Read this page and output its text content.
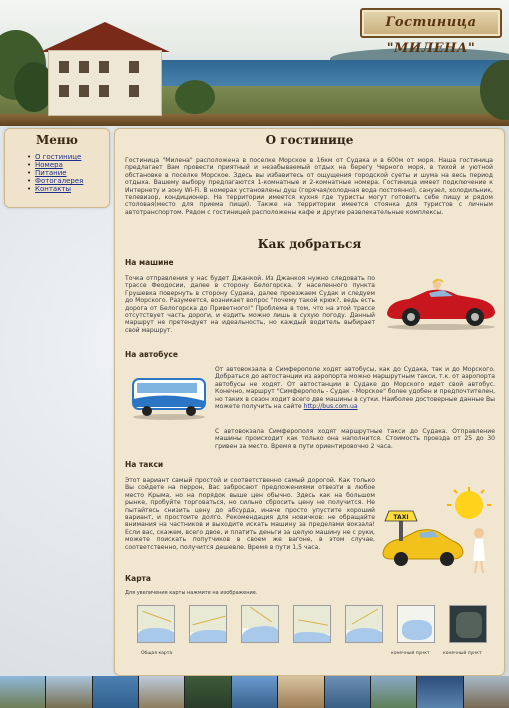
Гостиница "МИЛЕНА"
Меню
• О гостинице
• Номера
• Питание
• Фотогалерея
• Контакты
О гостинице
Гостиница "Милена" расположена в поселке Морское в 16км от Судака и в 600м от моря. Наша гостиница предлагает Вам провести приятный и незабываемый отдых на берегу Черного моря, в тихой и уютной обстановке в поселке Морское. Здесь вы избавитесь от ощущения городской суеты и шума на весь период отдыха. Вашему выбору предлагаются 1-комнатные и 2-комнатные номера. Гостиница имеет подключение к Интернету и зону Wi-Fi. В номерах установлены душ (горячая/холодная вода постоянно), санузел, холодильник, телевизор, кондиционер. На территории имеется кухня где туристы могут готовить себе пищу и рядом столовая(место для приема пищи). Также на территории имеется стоянка для туристов с личным автотранспортом. Рядом с гостиницей расположены кафе и другие развлекательные комплексы.
Как добраться
На машине
Точка отправления у нас будет Джанкой. Из Джанкоя нужно следовать по трассе Феодосии, далее в сторону Белогорска. У населенного пункта Грушевка повернуть в сторону Судака, далее проезжаем Судак и следуем до Морского. Разумеется, возникает вопрос "почему такой крюк?, ведь есть дорога от Белогорска до Приветного!" Проблема в том, что на этой трассе отсутствует часть дороги, и ездить можно лишь в сухую погоду. Данный маршрут не претендует на идеальность, но каждый водитель выбирает свой маршрут.
На автобусе
От автовокзала в Симферополе ходят автобусы, как до Судака, так и до Морского. Добраться до автостанции из аэропорта можно маршрутным такси, т.к. от аэропорта автобусы не ходят. От автостанции в Судаке до Морского идет свой автобус. Конечно, маршрут "Симферополь - Судак - Морское" более удобен и предпочтителен, но таких в сезон ходит всего две машины в сутки. Наиболее достоверные данные Вы можете получить на сайте http://bus.com.ua
С автовокзала Симферополя ходят маршрутные такси до Судака. Отправление машины происходит как только она наполнится. Стоимость проезда от 25 до 30 гривен за место. Время в пути ориентировочно 2 часа.
На такси
Этот вариант самый простой и соответственно самый дорогой. Как только Вы сойдете на перрон, Вас забросают предложениями отвезти в любое место Крыма, но на порядок выше цен обычно. Здесь как на большом рынке, пробуйте торговаться, но сильно сбросить цену не получится. Не пытайтесь снизить цену до абсурда, иначе просто упустите хороший вариант, и простоите долго. Рекомендация для новичков: не обращайте внимания на частников и выходите искать машину за пределами вокзала! Если вас, скажем, всего двое, и платить деньги за целую машину не с руки, можете поискать попутчиков в своем же вагоне, в этом случае, соответственно, получится дешевле. Время в пути 1,5 часа.
TAXI
Карта
Для увеличения карты нажмите на изображение.
Общая карта	конечный пункт	конечный пункт
